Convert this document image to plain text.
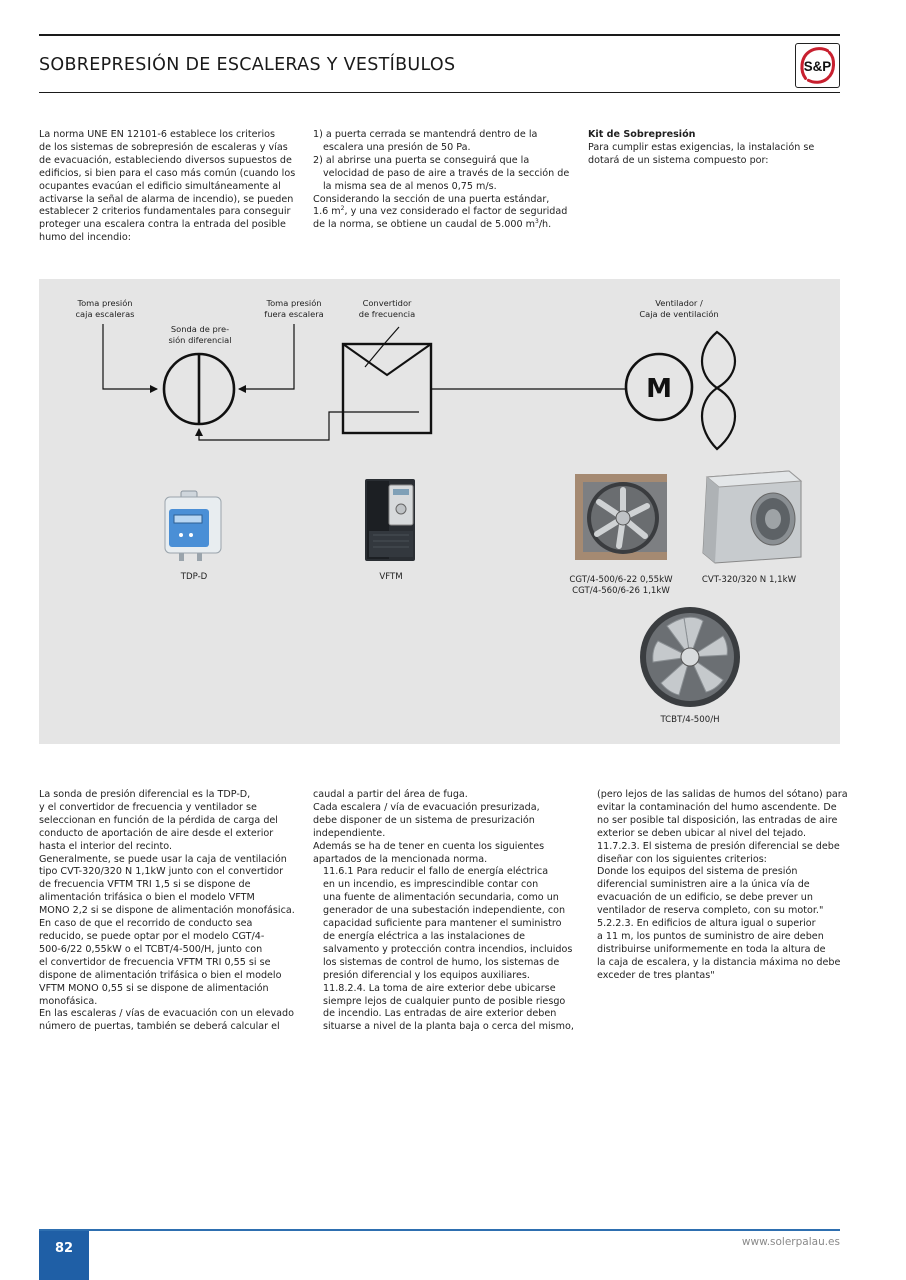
SOBREPRESIÓN DE ESCALERAS Y VESTÍBULOS	S&P

La norma UNE EN 12101-6 establece los criterios

de los sistemas de sobrepresión de escaleras y vías

de evacuación, estableciendo diversos supuestos de

edificios, si bien para el caso más común (cuando los

ocupantes evacúan el edificio simultáneamente al

activarse la señal de alarma de incendio), se pueden

establecer 2 criterios fundamentales para conseguir

proteger una escalera contra la entrada del posible

humo del incendio:

1) a puerta cerrada se mantendrá dentro de la

escalera una presión de 50 Pa.

2) al abrirse una puerta se conseguirá que la

velocidad de paso de aire a través de la sección de

la misma sea de al menos 0,75 m/s.

Considerando la sección de una puerta estándar,

1.6 $m^2$, y una vez considerado el factor de seguridad

de la norma, se obtiene un caudal de 5.000 $m^3/h$.

Kit de Sobrepresión

Para cumplir estas exigencias, la instalación se

dotará de un sistema compuesto por:

M
Toma presión
caja escaleras
Sonda de pre-
sión diferencial
Toma presión
fuera escalera
Convertidor
de frecuencia
Ventilador /
Caja de ventilación
TDP-D	VFTM	CGT/4-500/6-22 0,55kW
CGT/4-560/6-26 1,1kW
CVT-320/320 N 1,1kW
TCBT/4-500/H

La sonda de presión diferencial es la TDP-D,

y el convertidor de frecuencia y ventilador se

seleccionan en función de la pérdida de carga del

conducto de aportación de aire desde el exterior

hasta el interior del recinto.

Generalmente, se puede usar la caja de ventilación

tipo CVT-320/320 N 1,1kW junto con el convertidor

de frecuencia VFTM TRI 1,5 si se dispone de

alimentación trifásica o bien el modelo VFTM

MONO 2,2 si se dispone de alimentación monofásica.

En caso de que el recorrido de conducto sea

reducido, se puede optar por el modelo CGT/4-

500-6/22 0,55kW o el TCBT/4-500/H, junto con

el convertidor de frecuencia VFTM TRI 0,55 si se

dispone de alimentación trifásica o bien el modelo

VFTM MONO 0,55 si se dispone de alimentación

monofásica.

En las escaleras / vías de evacuación con un elevado

número de puertas, también se deberá calcular el

caudal a partir del área de fuga.

Cada escalera / vía de evacuación presurizada,

debe disponer de un sistema de presurización

independiente.

Además se ha de tener en cuenta los siguientes

apartados de la mencionada norma.

11.6.1 Para reducir el fallo de energía eléctrica

en un incendio, es imprescindible contar con

una fuente de alimentación secundaria, como un

generador de una subestación independiente, con

capacidad suficiente para mantener el suministro

de energía eléctrica a las instalaciones de

salvamento y protección contra incendios, incluidos

los sistemas de control de humo, los sistemas de

presión diferencial y los equipos auxiliares.

11.8.2.4. La toma de aire exterior debe ubicarse

siempre lejos de cualquier punto de posible riesgo

de incendio. Las entradas de aire exterior deben

situarse a nivel de la planta baja o cerca del mismo,

(pero lejos de las salidas de humos del sótano) para

evitar la contaminación del humo ascendente. De

no ser posible tal disposición, las entradas de aire

exterior se deben ubicar al nivel del tejado.

11.7.2.3. El sistema de presión diferencial se debe

diseñar con los siguientes criterios:

Donde los equipos del sistema de presión

diferencial suministren aire a la única vía de

evacuación de un edificio, se debe prever un

ventilador de reserva completo, con su motor."

5.2.2.3. En edificios de altura igual o superior

a 11 m, los puntos de suministro de aire deben

distribuirse uniformemente en toda la altura de

la caja de escalera, y la distancia máxima no debe

exceder de tres plantas"

82	www.solerpalau.es
